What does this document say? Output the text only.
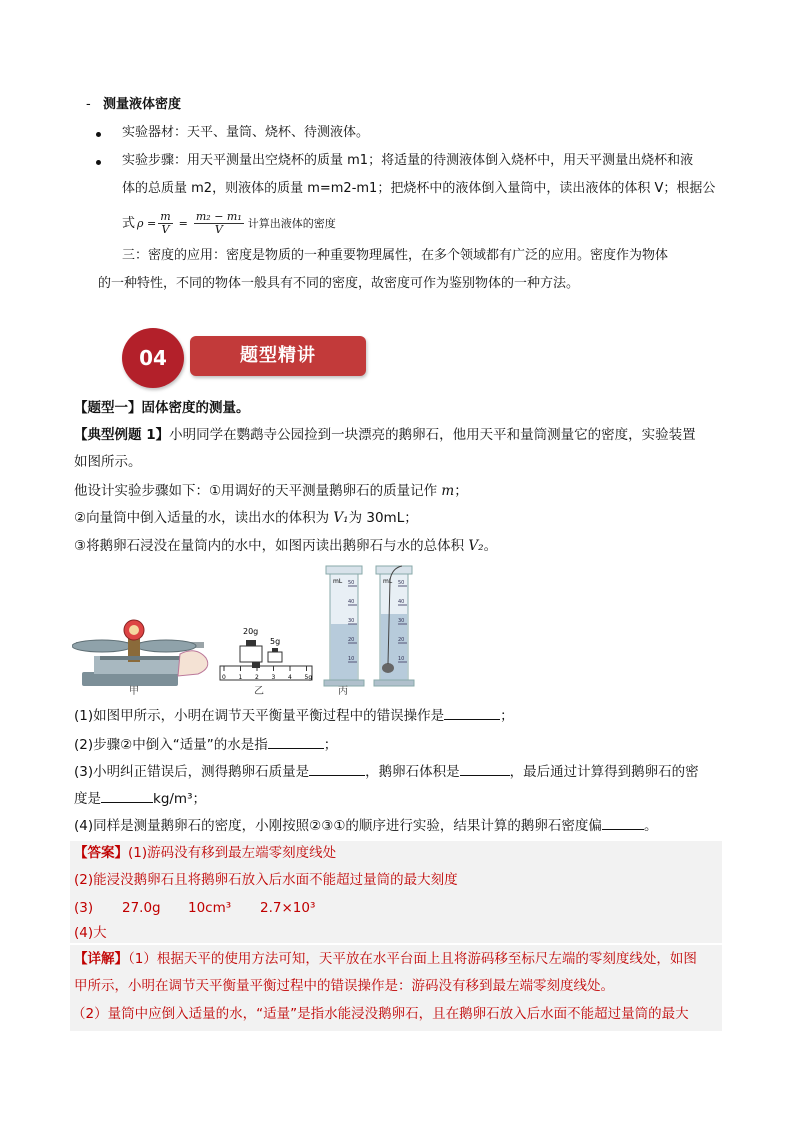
- 测量液体密度
实验器材：天平、量筒、烧杯、待测液体。
实验步骤：用天平测量出空烧杯的质量 m1；将适量的待测液体倒入烧杯中，用天平测量出烧杯和液
体的总质量 m2，则液体的质量 m=m2-m1；把烧杯中的液体倒入量筒中，读出液体的体积 V；根据公
式 $\rho = \frac{m}{V} = \frac{\text{m₂ − m₁}}{V}$ 计算出液体的密度
三：密度的应用：密度是物质的一种重要物理属性，在多个领域都有广泛的应用。密度作为物体
的一种特性，不同的物体一般具有不同的密度，故密度可作为鉴别物体的一种方法。
04	题型精讲
【题型一】固体密度的测量。
【典型例题 1】小明同学在鹦鹉寺公园捡到一块漂亮的鹅卵石，他用天平和量筒测量它的密度，实验装置
如图所示。
他设计实验步骤如下：①用调好的天平测量鹅卵石的质量记作 m；
②向量筒中倒入适量的水，读出水的体积为 V₁为 30mL；
③将鹅卵石浸没在量筒内的水中，如图丙读出鹅卵石与水的总体积 V₂。
甲
20g
5g
0 1 2 3 4 5g
乙
mL 50
40
30
20
10
mL 50
40
30
20
10
丙
(1)如图甲所示，小明在调节天平衡量平衡过程中的错误操作是	；
(2)步骤②中倒入“适量”的水是指	；
(3)小明纠正错误后，测得鹅卵石质量是	，鹅卵石体积是	，最后通过计算得到鹅卵石的密
度是	kg/m³；
(4)同样是测量鹅卵石的密度，小刚按照②③①的顺序进行实验，结果计算的鹅卵石密度偏	。
【答案】(1)游码没有移到最左端零刻度线处
(2)能浸没鹅卵石且将鹅卵石放入后水面不能超过量筒的最大刻度
(3) 27.0g 10cm³ 2.7×10³
(4)大
【详解】（1）根据天平的使用方法可知，天平放在水平台面上且将游码移至标尺左端的零刻度线处，如图
甲所示，小明在调节天平衡量平衡过程中的错误操作是：游码没有移到最左端零刻度线处。
（2）量筒中应倒入适量的水，“适量”是指水能浸没鹅卵石，且在鹅卵石放入后水面不能超过量筒的最大
